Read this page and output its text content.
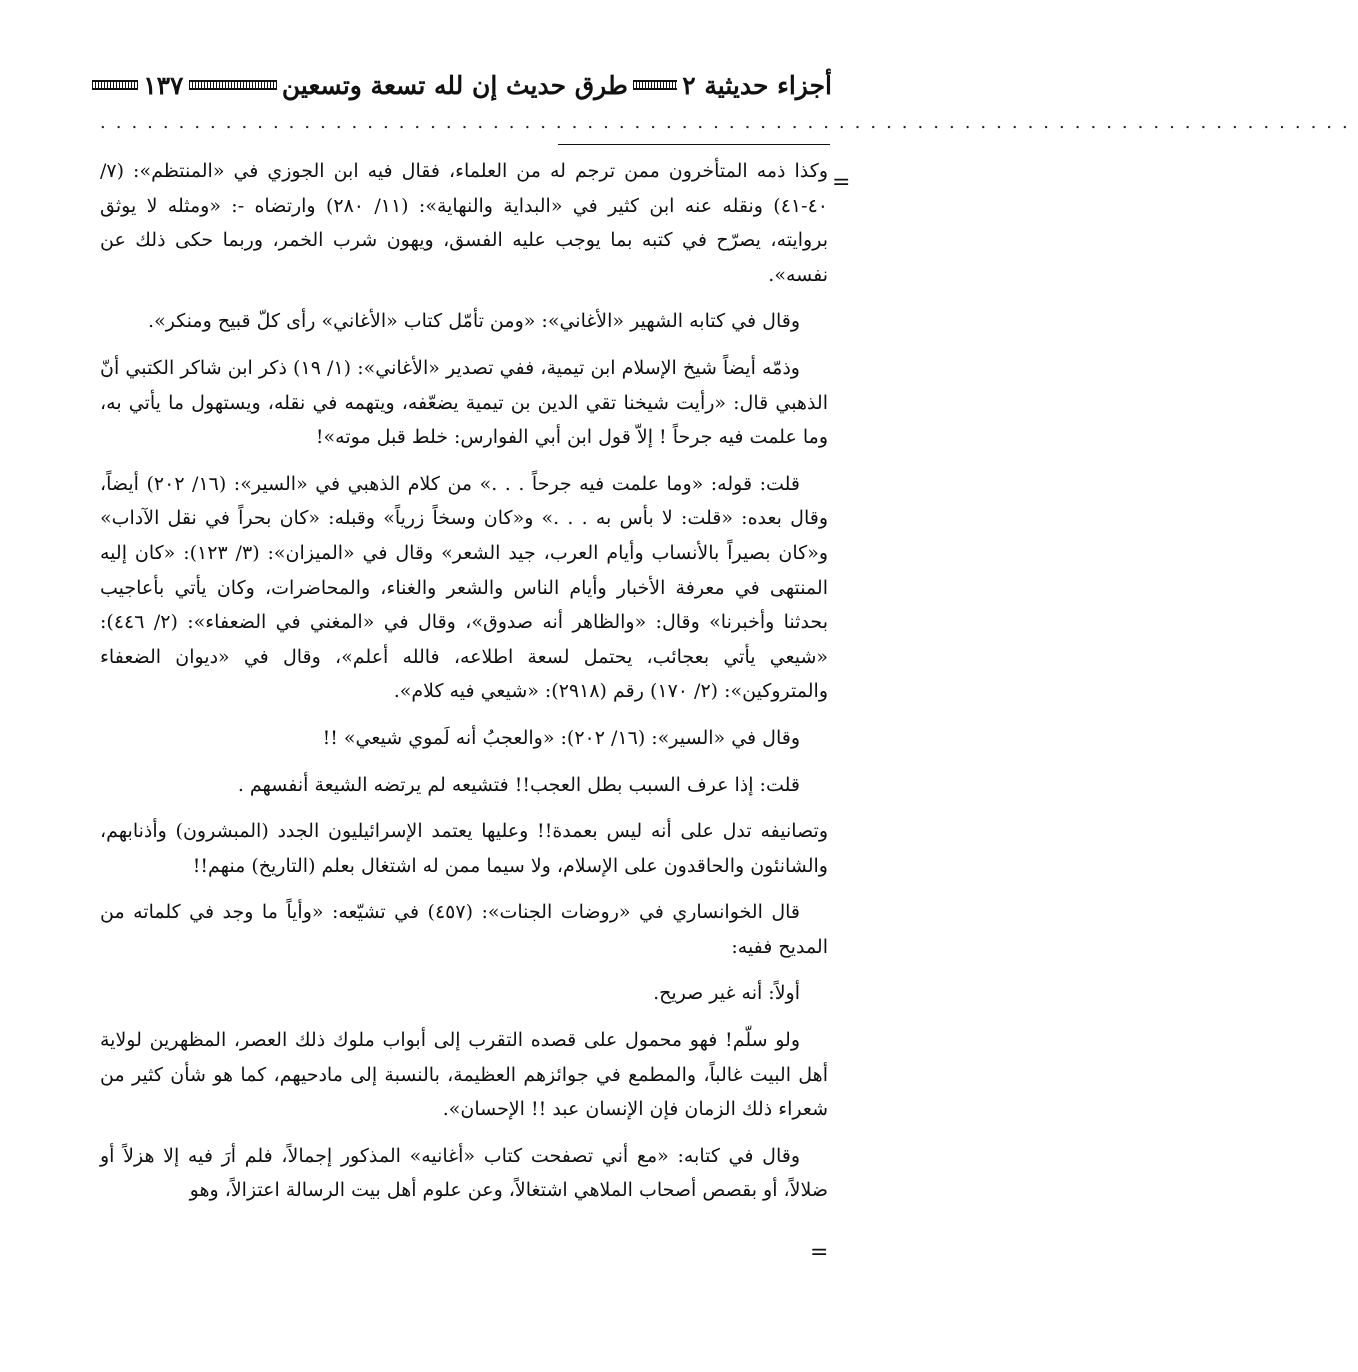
أجزاء حديثية ٢
طرق حديث إن لله تسعة وتسعين
١٣٧
................................................................................
=

وكذا ذمه المتأخرون ممن ترجم له من العلماء، فقال فيه ابن الجوزي في «المنتظم»: (٧/ ٤٠-٤١) ونقله عنه ابن كثير في «البداية والنهاية»: (١١/ ٢٨٠) وارتضاه -: «ومثله لا يوثق بروايته، يصرّح في كتبه بما يوجب عليه الفسق، ويهون شرب الخمر، وربما حكى ذلك عن نفسه».

وقال في كتابه الشهير «الأغاني»: «ومن تأمّل كتاب «الأغاني» رأى كلّ قبيح ومنكر».

وذمّه أيضاً شيخ الإسلام ابن تيمية، ففي تصدير «الأغاني»: (١/ ١٩) ذكر ابن شاكر الكتبي أنّ الذهبي قال: «رأيت شيخنا تقي الدين بن تيمية يضعّفه، ويتهمه في نقله، ويستهول ما يأتي به، وما علمت فيه جرحاً ! إلاّ قول ابن أبي الفوارس: خلط قبل موته»!

قلت: قوله: «وما علمت فيه جرحاً . . .» من كلام الذهبي في «السير»: (١٦/ ٢٠٢) أيضاً، وقال بعده: «قلت: لا بأس به . . .» و«كان وسخاً زرياً» وقبله: «كان بحراً في نقل الآداب» و«كان بصيراً بالأنساب وأيام العرب، جيد الشعر» وقال في «الميزان»: (٣/ ١٢٣): «كان إليه المنتهى في معرفة الأخبار وأيام الناس والشعر والغناء، والمحاضرات، وكان يأتي بأعاجيب بحدثنا وأخبرنا» وقال: «والظاهر أنه صدوق»، وقال في «المغني في الضعفاء»: (٢/ ٤٤٦): «شيعي يأتي بعجائب، يحتمل لسعة اطلاعه، فالله أعلم»، وقال في «ديوان الضعفاء والمتروكين»: (٢/ ١٧٠) رقم (٢٩١٨): «شيعي فيه كلام».

وقال في «السير»: (١٦/ ٢٠٢): «والعجبُ أنه لَموي شيعي» !!

قلت: إذا عرف السبب بطل العجب!! فتشيعه لم يرتضه الشيعة أنفسهم .

وتصانيفه تدل على أنه ليس بعمدة!! وعليها يعتمد الإسرائيليون الجدد (المبشرون) وأذنابهم، والشانئون والحاقدون على الإسلام، ولا سيما ممن له اشتغال بعلم (التاريخ) منهم!!

قال الخوانساري في «روضات الجنات»: (٤٥٧) في تشيّعه: «وأياً ما وجد في كلماته من المديح ففيه:

أولاً: أنه غير صريح.

ولو سلّم! فهو محمول على قصده التقرب إلى أبواب ملوك ذلك العصر، المظهرين لولاية أهل البيت غالباً، والمطمع في جوائزهم العظيمة، بالنسبة إلى مادحيهم، كما هو شأن كثير من شعراء ذلك الزمان فإن الإنسان عبد !! الإحسان».

وقال في كتابه: «مع أني تصفحت كتاب «أغانيه» المذكور إجمالاً، فلم أرَ فيه إلا هزلاً أو ضلالاً، أو بقصص أصحاب الملاهي اشتغالاً، وعن علوم أهل بيت الرسالة اعتزالاً، وهو

=
